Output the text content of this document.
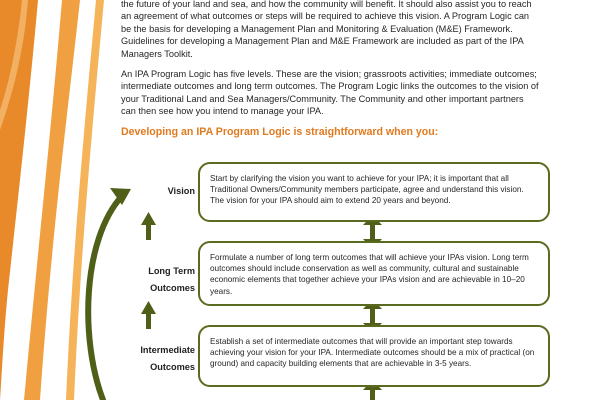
the future of your land and sea, and how the community will benefit. It should also assist you to reach an agreement of what outcomes or steps will be required to achieve this vision. A Program Logic can be the basis for developing a Management Plan and Monitoring & Evaluation (M&E) Framework. Guidelines for developing a Management Plan and M&E Framework are included as part of the IPA Managers Toolkit.

An IPA Program Logic has five levels. These are the vision; grassroots activities; immediate outcomes; intermediate outcomes and long term outcomes. The Program Logic links the outcomes to the vision of your Traditional Land and Sea Managers/Community. The Community and other important partners can then see how you intend to manage your IPA.

Developing an IPA Program Logic is straightforward when you:

Vision
Long Term
Outcomes
Intermediate
Outcomes
Start by clarifying the vision you want to achieve for your IPA; it is important that all Traditional Owners/Community members participate, agree and understand this vision. The vision for your IPA should aim to extend 20 years and beyond.
Formulate a number of long term outcomes that will achieve your IPAs vision. Long term outcomes should include conservation as well as community, cultural and sustainable economic elements that together achieve your IPAs vision and are achievable in 10–20 years.
Establish a set of intermediate outcomes that will provide an important step towards achieving your vision for your IPA. Intermediate outcomes should be a mix of practical (on ground) and capacity building elements that are achievable in 3-5 years.
